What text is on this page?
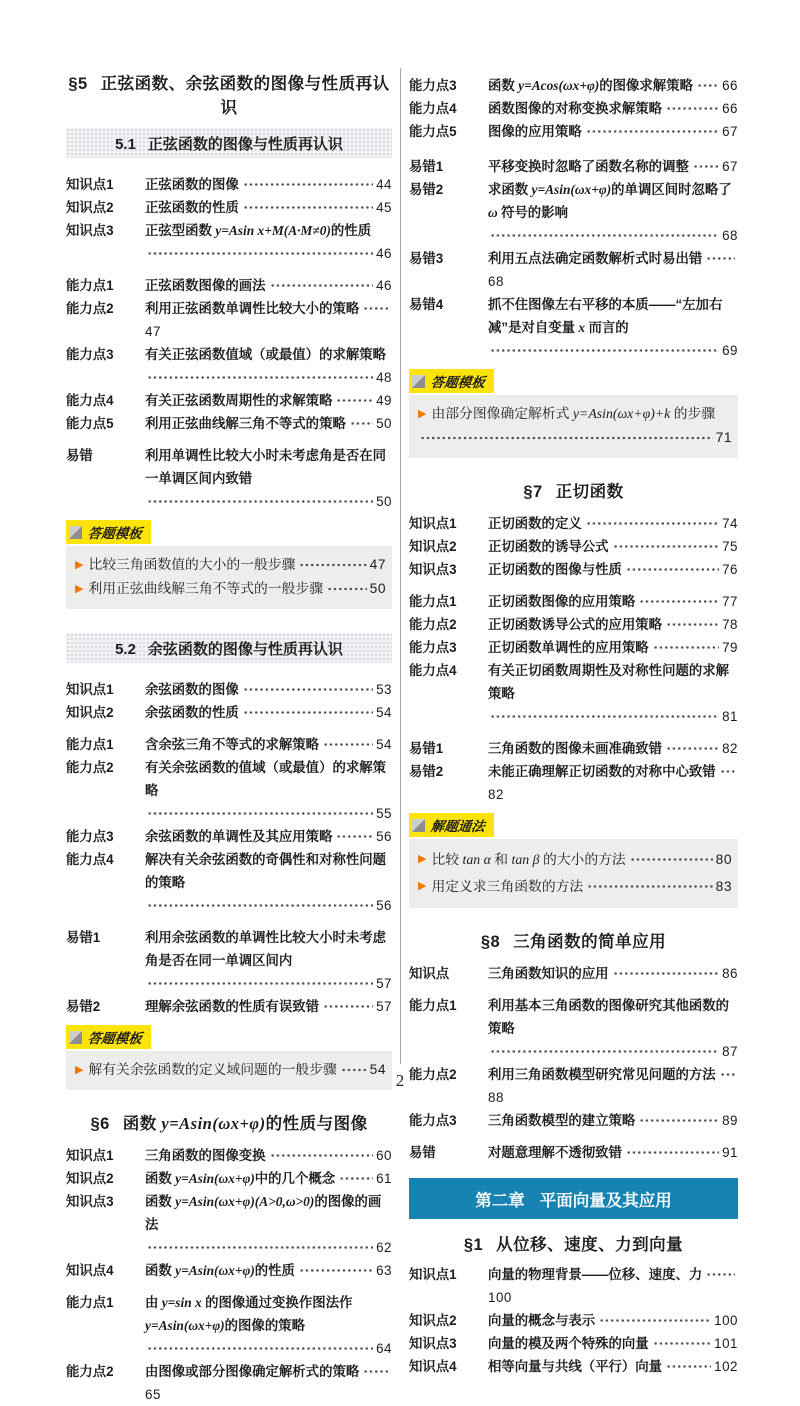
§5 正弦函数、余弦函数的图像与性质再认识
5.1 正弦函数的图像与性质再认识
知识点1	正弦函数的图像	44
知识点2	正弦函数的性质	45
知识点3	正弦型函数 y=Asin x+M(A·M≠0)的性质
46
能力点1	正弦函数图像的画法	46
能力点2	利用正弦函数单调性比较大小的策略
47
能力点3	有关正弦函数值域（或最值）的求解策略
48
能力点4	有关正弦函数周期性的求解策略	49
能力点5	利用正弦曲线解三角不等式的策略 50
易错	利用单调性比较大小时未考虑角是否在同一单调区间内致错
50
答题模板
▶ 比较三角函数值的大小的一般步骤	47
▶ 利用正弦曲线解三角不等式的一般步骤	50
5.2 余弦函数的图像与性质再认识
知识点1	余弦函数的图像	53
知识点2	余弦函数的性质	54
能力点1	含余弦三角不等式的求解策略	54
能力点2	有关余弦函数的值域（或最值）的求解策略
55
能力点3	余弦函数的单调性及其应用策略	56
能力点4	解决有关余弦函数的奇偶性和对称性问题的策略
56
易错1	利用余弦函数的单调性比较大小时未考虑角是否在同一单调区间内
57
易错2	理解余弦函数的性质有误致错	57
答题模板
▶ 解有关余弦函数的定义域问题的一般步骤 54
§6 函数 y=Asin(ωx+φ)的性质与图像
知识点1	三角函数的图像变换	60
知识点2	函数 y=Asin(ωx+φ)中的几个概念	61
知识点3	函数 y=Asin(ωx+φ)(A>0,ω>0)的图像的画法
62
知识点4	函数 y=Asin(ωx+φ)的性质	63
能力点1	由 y=sin x 的图像通过变换作图法作 y=Asin(ωx+φ)的图像的策略
64
能力点2	由图像或部分图像确定解析式的策略
65
能力点3	函数 y=Acos(ωx+φ)的图像求解策略 66
能力点4	函数图像的对称变换求解策略	66
能力点5	图像的应用策略	67
易错1	平移变换时忽略了函数名称的调整 67
易错2	求函数 y=Asin(ωx+φ)的单调区间时忽略了 ω 符号的影响
68
易错3	利用五点法确定函数解析式时易出错
68
易错4	抓不住图像左右平移的本质——“左加右减”是对自变量 x 而言的
69
答题模板
▶ 由部分图像确定解析式 y=Asin(ωx+φ)+k 的步骤
71
§7 正切函数
知识点1	正切函数的定义	74
知识点2	正切函数的诱导公式	75
知识点3	正切函数的图像与性质	76
能力点1	正切函数图像的应用策略	77
能力点2	正切函数诱导公式的应用策略	78
能力点3	正切函数单调性的应用策略	79
能力点4	有关正切函数周期性及对称性问题的求解策略
81
易错1	三角函数的图像未画准确致错	82
易错2	未能正确理解正切函数的对称中心致错
82
解题通法
▶ 比较 tan α 和 tan β 的大小的方法	80
▶ 用定义求三角函数的方法	83
§8 三角函数的简单应用
知识点	三角函数知识的应用	86
能力点1	利用基本三角函数的图像研究其他函数的策略
87
能力点2	利用三角函数模型研究常见问题的方法
88
能力点3	三角函数模型的建立策略	89
易错	对题意理解不透彻致错	91
第二章 平面向量及其应用
§1 从位移、速度、力到向量
知识点1	向量的物理背景——位移、速度、力
100
知识点2	向量的概念与表示	100
知识点3	向量的模及两个特殊的向量	101
知识点4	相等向量与共线（平行）向量	102
2
